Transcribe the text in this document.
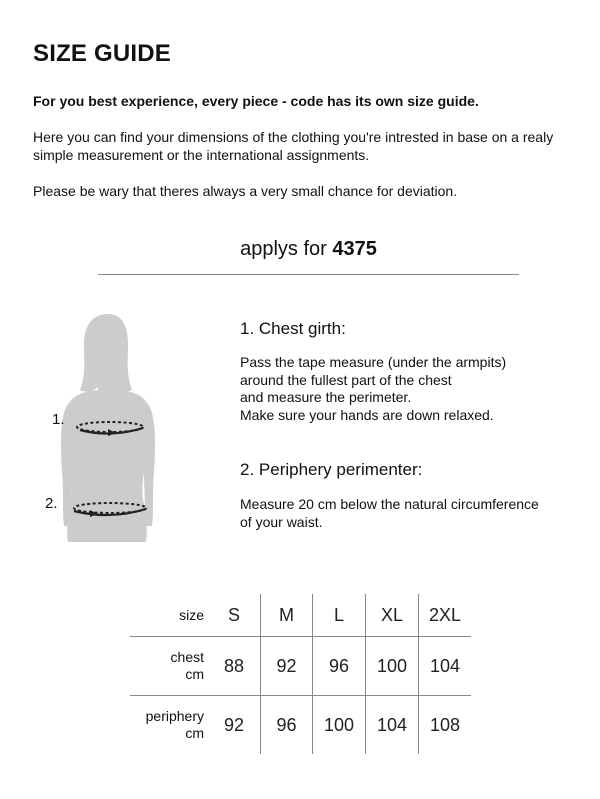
SIZE GUIDE

For you best experience, every piece - code has its own size guide.

Here you can find your dimensions of the clothing you're intrested in base on a realy simple measurement or the international assignments.

Please be wary that theres always a very small chance for deviation.

applys for 4375

1.
2.
1. Chest girth:

Pass the tape measure (under the armpits)
around the fullest part of the chest
and measure the perimeter.
Make sure your hands are down relaxed.

2. Periphery perimenter:

Measure 20 cm below the natural circumference
of your waist.

size	S	M	L	XL	2XL

chest
cm	88	92	96	100	104

periphery
cm	92	96	100	104	108
